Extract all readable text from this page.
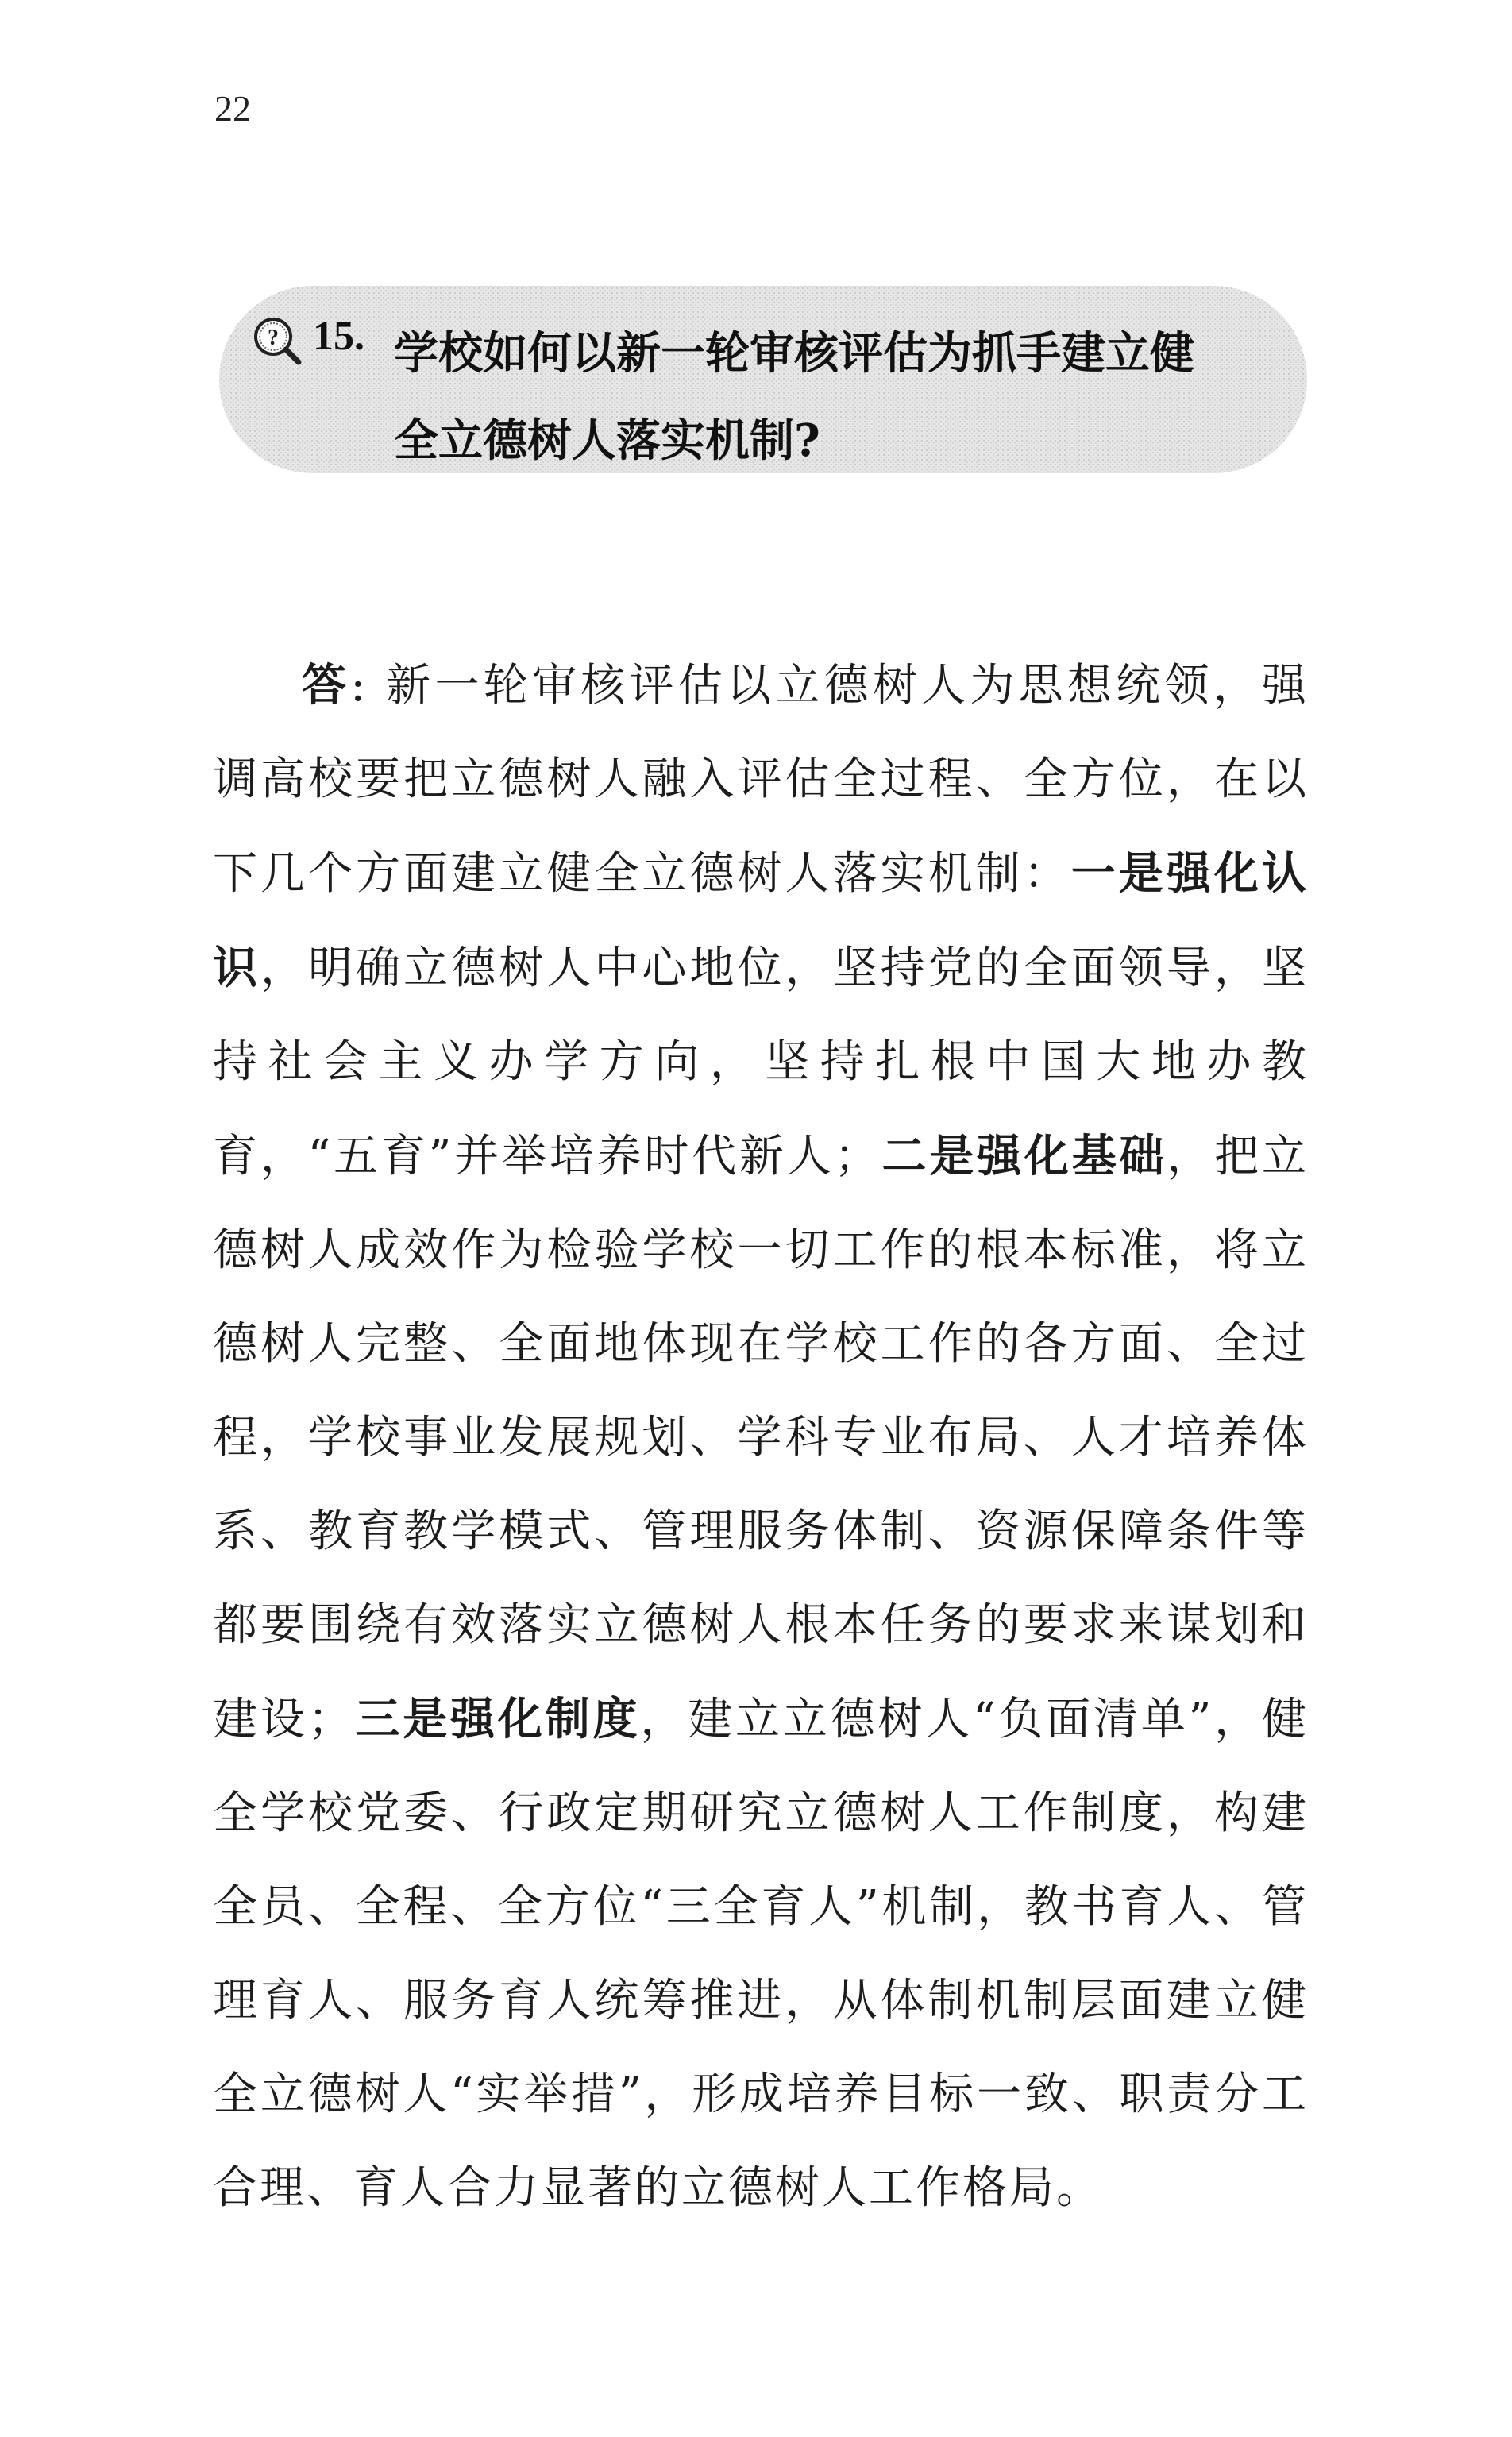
22
? 15. 学校如何以新一轮审核评估为抓手建立健
全立德树人落实机制?

答: 新一轮审核评估以立德树人为思想统领，强调高校要把立德树人融入评估全过程、全方位，在以下几个方面建立健全立德树人落实机制：一是强化认识，明确立德树人中心地位，坚持党的全面领导，坚持社会主义办学方向，坚持扎根中国大地办教育，“五育”并举培养时代新人；二是强化基础，把立德树人成效作为检验学校一切工作的根本标准，将立德树人完整、全面地体现在学校工作的各方面、全过程，学校事业发展规划、学科专业布局、人才培养体系、教育教学模式、管理服务体制、资源保障条件等都要围绕有效落实立德树人根本任务的要求来谋划和建设；三是强化制度，建立立德树人“负面清单”，健全学校党委、行政定期研究立德树人工作制度，构建全员、全程、全方位“三全育人”机制，教书育人、管理育人、服务育人统筹推进，从体制机制层面建立健全立德树人“实举措”，形成培养目标一致、职责分工合理、育人合力显著的立德树人工作格局。
